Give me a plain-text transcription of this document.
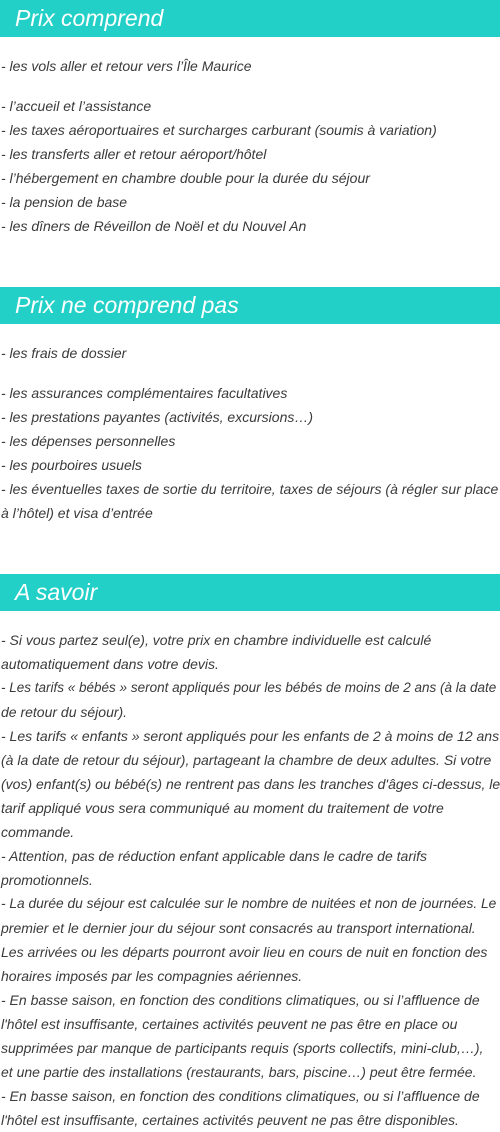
Prix comprend
- les vols aller et retour vers l’Île Maurice
- l’accueil et l’assistance
- les taxes aéroportuaires et surcharges carburant (soumis à variation)
- les transferts aller et retour aéroport/hôtel
- l’hébergement en chambre double pour la durée du séjour
- la pension de base
- les dîners de Réveillon de Noël et du Nouvel An
Prix ne comprend pas
- les frais de dossier
- les assurances complémentaires facultatives
- les prestations payantes (activités, excursions…)
- les dépenses personnelles
- les pourboires usuels
- les éventuelles taxes de sortie du territoire, taxes de séjours (à régler sur place
à l’hôtel) et visa d’entrée
A savoir
- Si vous partez seul(e), votre prix en chambre individuelle est calculé
automatiquement dans votre devis.
- Les tarifs « bébés » seront appliqués pour les bébés de moins de 2 ans (à la date
de retour du séjour).
- Les tarifs « enfants » seront appliqués pour les enfants de 2 à moins de 12 ans
(à la date de retour du séjour), partageant la chambre de deux adultes. Si votre
(vos) enfant(s) ou bébé(s) ne rentrent pas dans les tranches d'âges ci-dessus, le
tarif appliqué vous sera communiqué au moment du traitement de votre
commande.
- Attention, pas de réduction enfant applicable dans le cadre de tarifs
promotionnels.
- La durée du séjour est calculée sur le nombre de nuitées et non de journées. Le
premier et le dernier jour du séjour sont consacrés au transport international.
Les arrivées ou les départs pourront avoir lieu en cours de nuit en fonction des
horaires imposés par les compagnies aériennes.
- En basse saison, en fonction des conditions climatiques, ou si l’affluence de
l'hôtel est insuffisante, certaines activités peuvent ne pas être en place ou
supprimées par manque de participants requis (sports collectifs, mini-club,…),
et une partie des installations (restaurants, bars, piscine…) peut être fermée.
- En basse saison, en fonction des conditions climatiques, ou si l’affluence de
l'hôtel est insuffisante, certaines activités peuvent ne pas être disponibles.
